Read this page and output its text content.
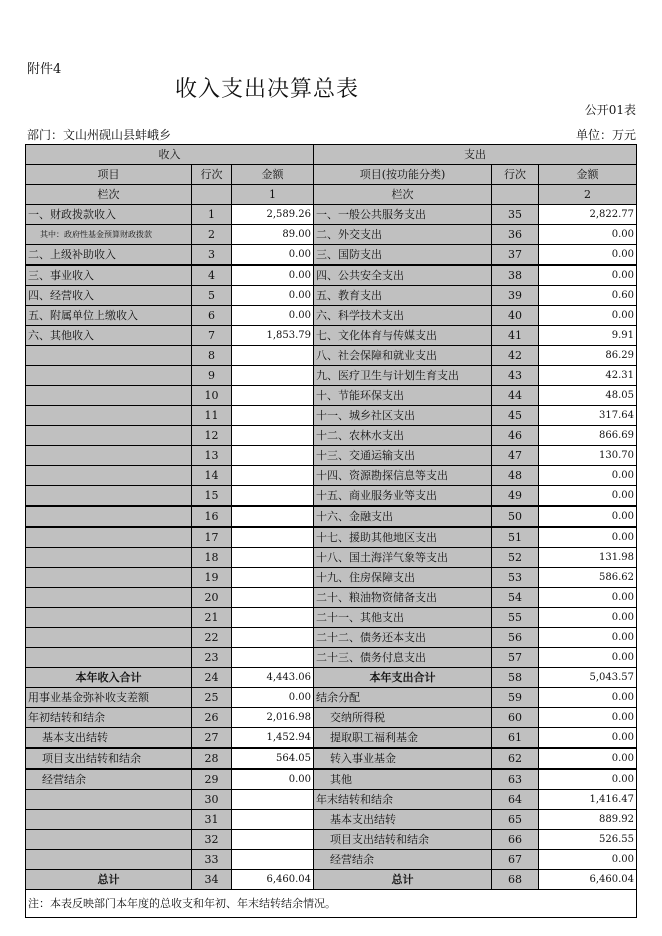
附件4
收入支出决算总表
公开01表
部门：文山州砚山县蚌峨乡	单位：万元
收入			支出		
项目	行次	金额	项目(按功能分类)	行次	金额
栏次		1	栏次		2
一、财政拨款收入	1	2,589.26	一、一般公共服务支出	35	2,822.77
其中：政府性基金预算财政拨款	2	89.00	二、外交支出	36	0.00
二、上级补助收入	3	0.00	三、国防支出	37	0.00
三、事业收入	4	0.00	四、公共安全支出	38	0.00
四、经营收入	5	0.00	五、教育支出	39	0.60
五、附属单位上缴收入	6	0.00	六、科学技术支出	40	0.00
六、其他收入	7	1,853.79	七、文化体育与传媒支出	41	9.91
	8		八、社会保障和就业支出	42	86.29
	9		九、医疗卫生与计划生育支出	43	42.31
	10		十、节能环保支出	44	48.05
	11		十一、城乡社区支出	45	317.64
	12		十二、农林水支出	46	866.69
	13		十三、交通运输支出	47	130.70
	14		十四、资源勘探信息等支出	48	0.00
	15		十五、商业服务业等支出	49	0.00
	16		十六、金融支出	50	0.00
	17		十七、援助其他地区支出	51	0.00
	18		十八、国土海洋气象等支出	52	131.98
	19		十九、住房保障支出	53	586.62
	20		二十、粮油物资储备支出	54	0.00
	21		二十一、其他支出	55	0.00
	22		二十二、债务还本支出	56	0.00
	23		二十三、债务付息支出	57	0.00
本年收入合计	24	4,443.06	本年支出合计	58	5,043.57
用事业基金弥补收支差额	25	0.00	结余分配	59	0.00
年初结转和结余	26	2,016.98	交纳所得税	60	0.00
基本支出结转	27	1,452.94	提取职工福利基金	61	0.00
项目支出结转和结余	28	564.05	转入事业基金	62	0.00
经营结余	29	0.00	其他	63	0.00
	30		年末结转和结余	64	1,416.47
	31		基本支出结转	65	889.92
	32		项目支出结转和结余	66	526.55
	33		经营结余	67	0.00
总计	34	6,460.04	总计	68	6,460.04
注：本表反映部门本年度的总收支和年初、年末结转结余情况。					
